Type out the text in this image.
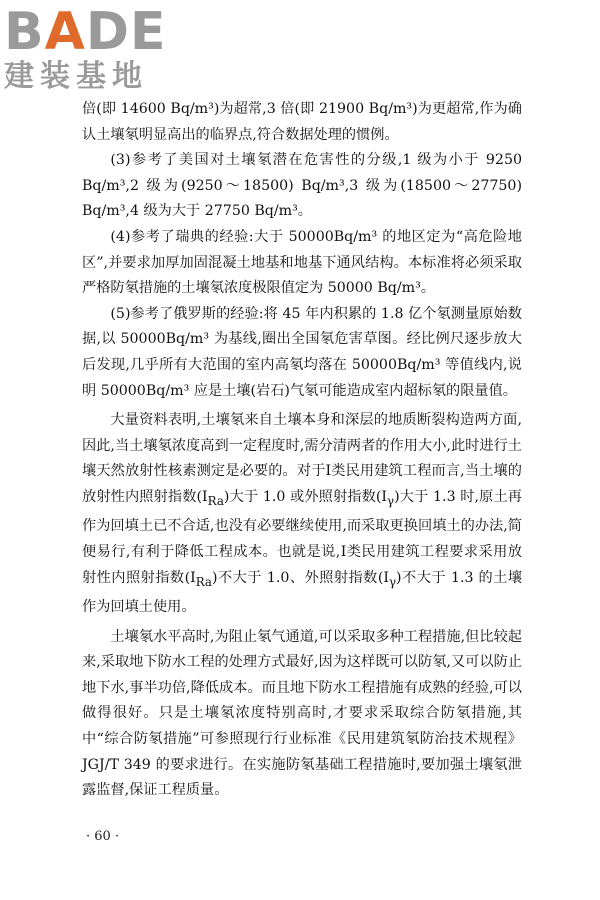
BADE
建装基地

倍(即 14600 Bq/m³)为超常,3 倍(即 21900 Bq/m³)为更超常,作为确认土壤氡明显高出的临界点,符合数据处理的惯例。

(3)参考了美国对土壤氡潜在危害性的分级,1 级为小于 9250 Bq/m³,2 级为(9250～18500) Bq/m³,3 级为(18500～27750) Bq/m³,4 级为大于 27750 Bq/m³。

(4)参考了瑞典的经验:大于 50000Bq/m³ 的地区定为“高危险地区”,并要求加厚加固混凝土地基和地基下通风结构。本标准将必须采取严格防氡措施的土壤氡浓度极限值定为 50000 Bq/m³。

(5)参考了俄罗斯的经验:将 45 年内积累的 1.8 亿个氡测量原始数据,以 50000Bq/m³ 为基线,圈出全国氡危害草图。经比例尺逐步放大后发现,几乎所有大范围的室内高氡均落在 50000Bq/m³ 等值线内,说明 50000Bq/m³ 应是土壤(岩石)气氡可能造成室内超标氡的限量值。

大量资料表明,土壤氡来自土壤本身和深层的地质断裂构造两方面,因此,当土壤氡浓度高到一定程度时,需分清两者的作用大小,此时进行土壤天然放射性核素测定是必要的。对于Ⅰ类民用建筑工程而言,当土壤的放射性内照射指数$(I_{Ra})$大于 1.0 或外照射指数$(I_\gamma)$大于 1.3 时,原土再作为回填土已不合适,也没有必要继续使用,而采取更换回填土的办法,简便易行,有利于降低工程成本。也就是说,Ⅰ类民用建筑工程要求采用放射性内照射指数$(I_{Ra})$不大于 1.0、外照射指数$(I_\gamma)$不大于 1.3 的土壤作为回填土使用。

土壤氡水平高时,为阻止氡气通道,可以采取多种工程措施,但比较起来,采取地下防水工程的处理方式最好,因为这样既可以防氡,又可以防止地下水,事半功倍,降低成本。而且地下防水工程措施有成熟的经验,可以做得很好。只是土壤氡浓度特别高时,才要求采取综合防氡措施,其中“综合防氡措施”可参照现行行业标准《民用建筑氡防治技术规程》JGJ/T 349 的要求进行。在实施防氡基础工程措施时,要加强土壤氡泄露监督,保证工程质量。

· 60 ·
